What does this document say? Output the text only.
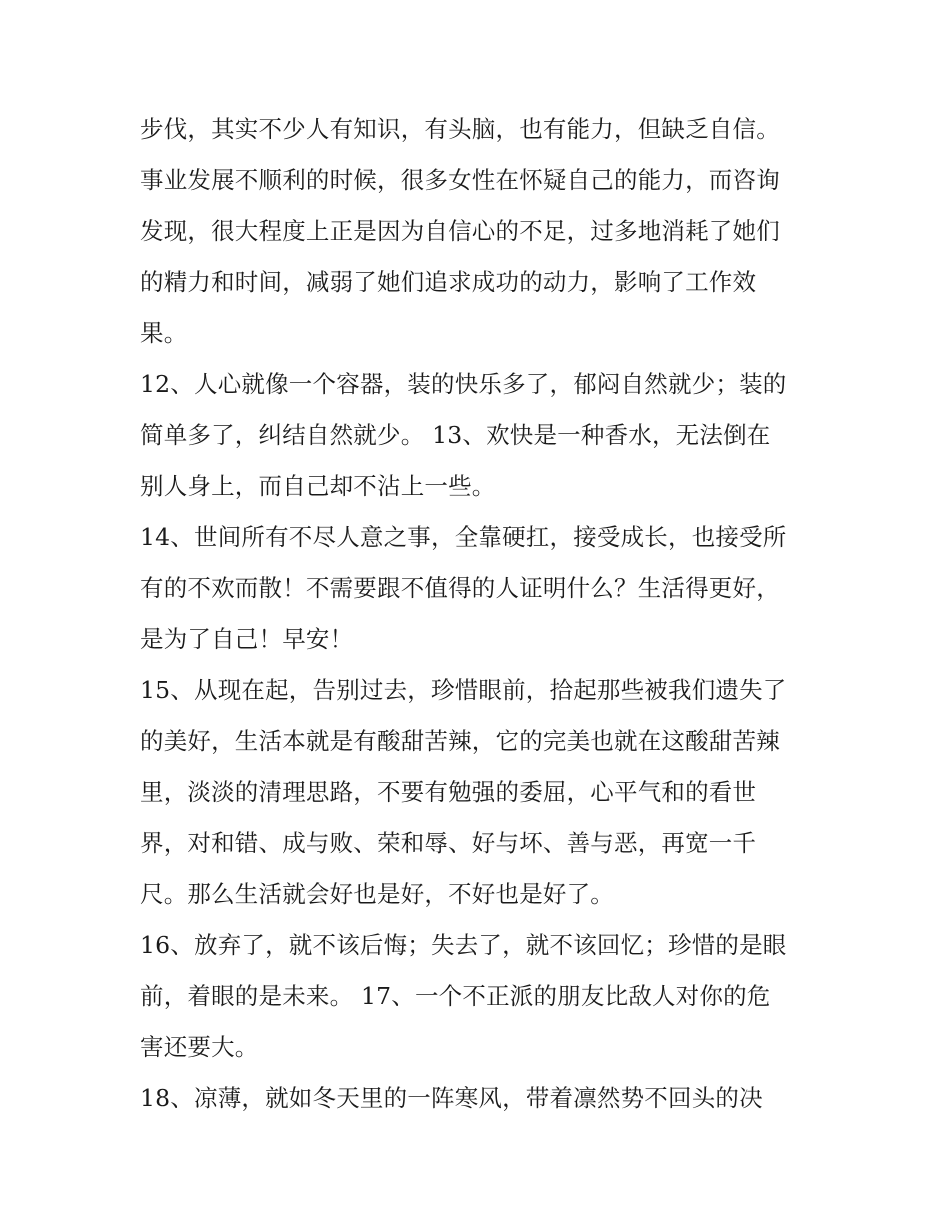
步伐，其实不少人有知识，有头脑，也有能力，但缺乏自信。
事业发展不顺利的时候，很多女性在怀疑自己的能力，而咨询
发现，很大程度上正是因为自信心的不足，过多地消耗了她们
的精力和时间，减弱了她们追求成功的动力，影响了工作效
果。
12、人心就像一个容器，装的快乐多了，郁闷自然就少；装的
简单多了，纠结自然就少。 13、欢快是一种香水，无法倒在
别人身上，而自己却不沾上一些。
14、世间所有不尽人意之事，全靠硬扛，接受成长，也接受所
有的不欢而散！不需要跟不值得的人证明什么？生活得更好，
是为了自己！早安！
15、从现在起，告别过去，珍惜眼前，拾起那些被我们遗失了
的美好，生活本就是有酸甜苦辣，它的完美也就在这酸甜苦辣
里，淡淡的清理思路，不要有勉强的委屈，心平气和的看世
界，对和错、成与败、荣和辱、好与坏、善与恶，再宽一千
尺。那么生活就会好也是好，不好也是好了。
16、放弃了，就不该后悔；失去了，就不该回忆；珍惜的是眼
前，着眼的是未来。 17、一个不正派的朋友比敌人对你的危
害还要大。
18、凉薄，就如冬天里的一阵寒风，带着凛然势不回头的决
